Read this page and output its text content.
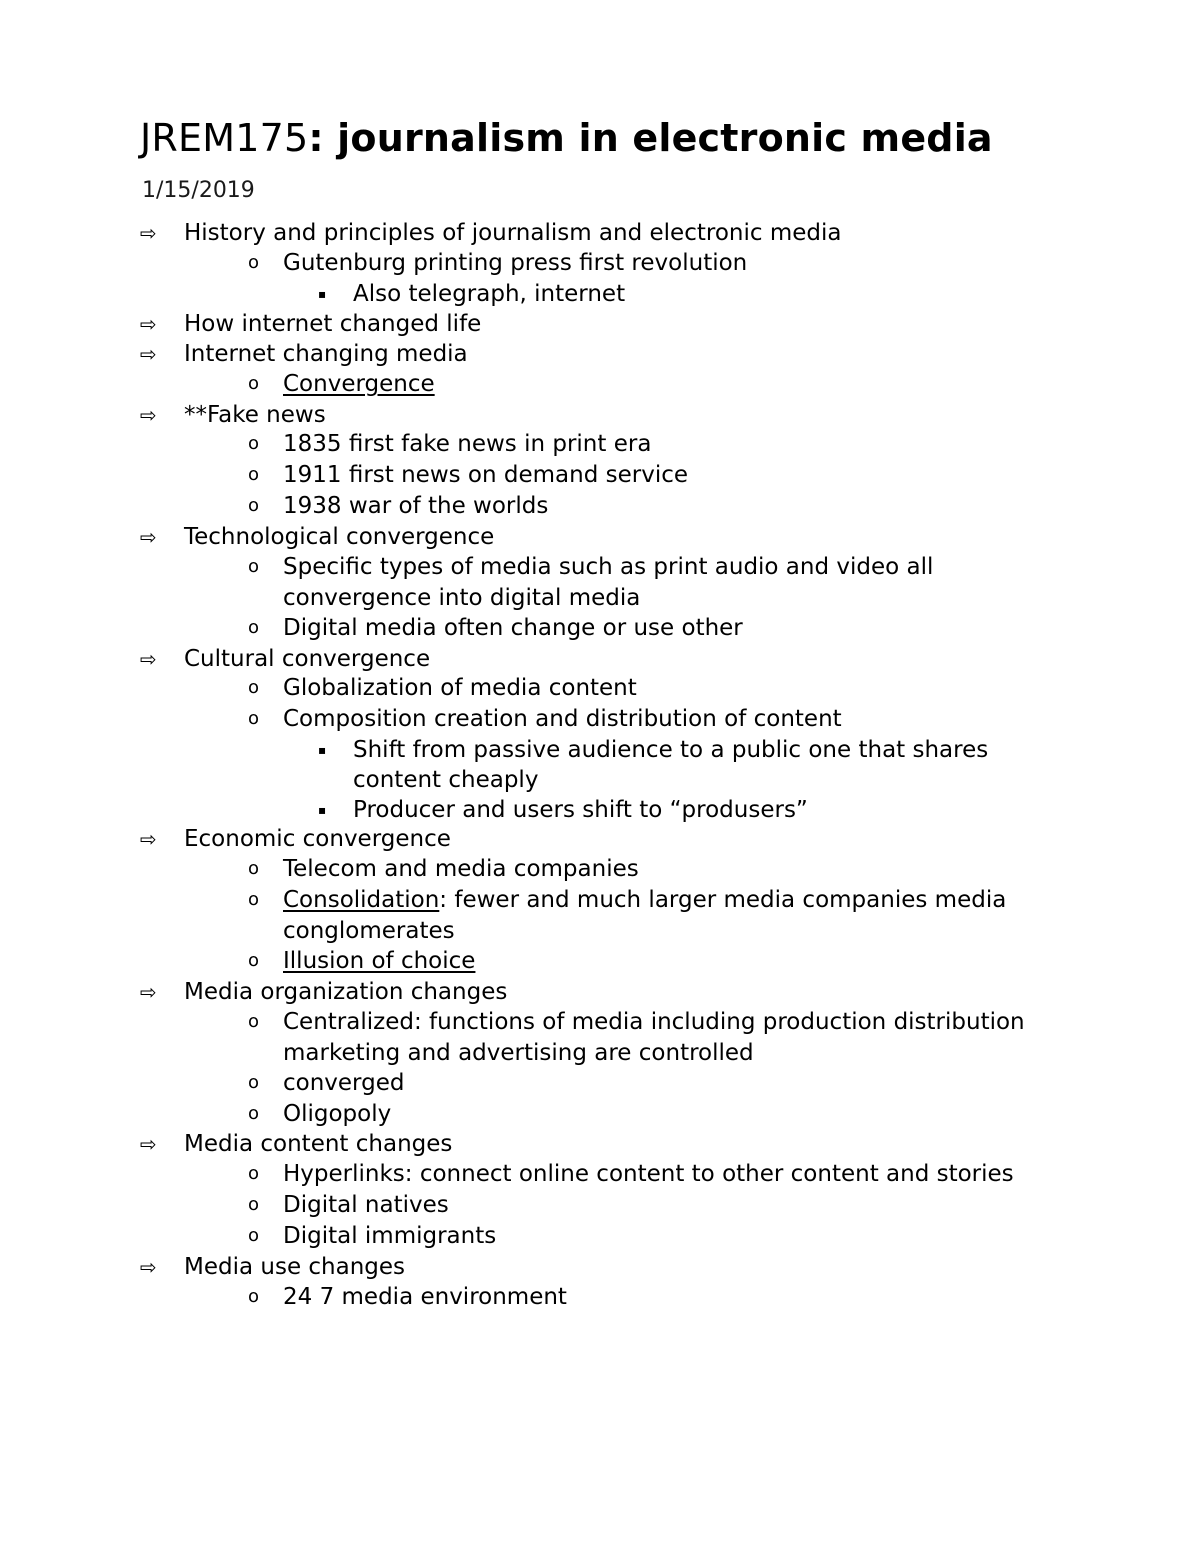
JREM175: journalism in electronic media
1/15/2019
⇨ History and principles of journalism and electronic media
o Gutenburg printing press first revolution
▪ Also telegraph, internet
⇨ How internet changed life
⇨ Internet changing media
o Convergence
⇨ **Fake news
o 1835 first fake news in print era
o 1911 first news on demand service
o 1938 war of the worlds
⇨ Technological convergence
o Specific types of media such as print audio and video all
convergence into digital media
o Digital media often change or use other
⇨ Cultural convergence
o Globalization of media content
o Composition creation and distribution of content
▪ Shift from passive audience to a public one that shares
content cheaply
▪ Producer and users shift to “produsers”
⇨ Economic convergence
o Telecom and media companies
o Consolidation: fewer and much larger media companies media
conglomerates
o Illusion of choice
⇨ Media organization changes
o Centralized: functions of media including production distribution
marketing and advertising are controlled
o converged
o Oligopoly
⇨ Media content changes
o Hyperlinks: connect online content to other content and stories
o Digital natives
o Digital immigrants
⇨ Media use changes
o 24 7 media environment
